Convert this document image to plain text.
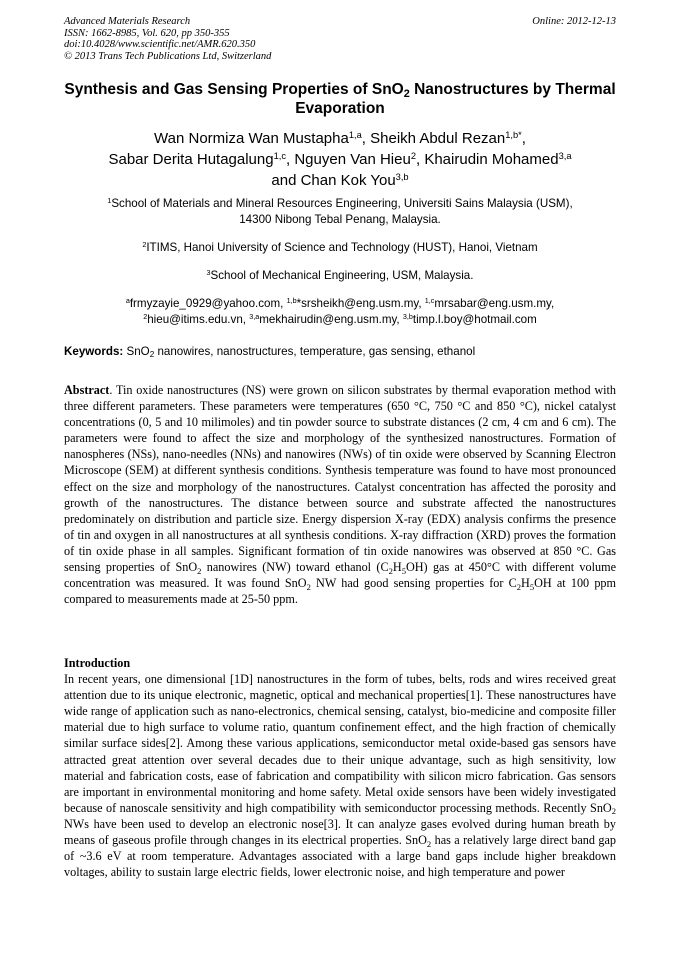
Advanced Materials Research
ISSN: 1662-8985, Vol. 620, pp 350-355
doi:10.4028/www.scientific.net/AMR.620.350
© 2013 Trans Tech Publications Ltd, Switzerland
Online: 2012-12-13
Synthesis and Gas Sensing Properties of SnO$_2$ Nanostructures by Thermal Evaporation
Wan Normiza Wan Mustapha$^{1,a}$, Sheikh Abdul Rezan$^{1,b*}$,
Sabar Derita Hutagalung$^{1,c}$, Nguyen Van Hieu$^2$, Khairudin Mohamed$^{3,a}$
and Chan Kok You$^{3,b}$
$^1$School of Materials and Mineral Resources Engineering, Universiti Sains Malaysia (USM),
14300 Nibong Tebal Penang, Malaysia.
$^2$ITIMS, Hanoi University of Science and Technology (HUST), Hanoi, Vietnam
$^3$School of Mechanical Engineering, USM, Malaysia.
$^a$frmyzayie_0929@yahoo.com, $^{1,b}$*srsheikh@eng.usm.my, $^{1,c}$mrsabar@eng.usm.my,
$^2$hieu@itims.edu.vn, $^{3,a}$mekhairudin@eng.usm.my, $^{3,b}$timp.l.boy@hotmail.com
Keywords: SnO$_2$ nanowires, nanostructures, temperature, gas sensing, ethanol

Abstract. Tin oxide nanostructures (NS) were grown on silicon substrates by thermal evaporation method with three different parameters. These parameters were temperatures (650 °C, 750 °C and 850 °C), nickel catalyst concentrations (0, 5 and 10 milimoles) and tin powder source to substrate distances (2 cm, 4 cm and 6 cm). The parameters were found to affect the size and morphology of the synthesized nanostructures. Formation of nanospheres (NSs), nano-needles (NNs) and nanowires (NWs) of tin oxide were observed by Scanning Electron Microscope (SEM) at different synthesis conditions. Synthesis temperature was found to have most pronounced effect on the size and morphology of the nanostructures. Catalyst concentration has affected the porosity and growth of the nanostructures. The distance between source and substrate affected the nanostructures predominately on distribution and particle size. Energy dispersion X-ray (EDX) analysis confirms the presence of tin and oxygen in all nanostructures at all synthesis conditions. X-ray diffraction (XRD) proves the formation of tin oxide phase in all samples. Significant formation of tin oxide nanowires was observed at 850 °C. Gas sensing properties of SnO$_2$ nanowires (NW) toward ethanol $(C_2H_5OH)$ gas at 450°C with different volume concentration was measured. It was found SnO$_2$ NW had good sensing properties for $C_2H_5OH$ at 100 ppm compared to measurements made at 25-50 ppm.

Introduction

In recent years, one dimensional [1D] nanostructures in the form of tubes, belts, rods and wires received great attention due to its unique electronic, magnetic, optical and mechanical properties[1]. These nanostructures have wide range of application such as nano-electronics, chemical sensing, catalyst, bio-medicine and composite filler material due to high surface to volume ratio, quantum confinement effect, and the high fraction of chemically similar surface sides[2]. Among these various applications, semiconductor metal oxide-based gas sensors have attracted great attention over several decades due to their unique advantage, such as high sensitivity, low material and fabrication costs, ease of fabrication and compatibility with silicon micro fabrication. Gas sensors are important in environmental monitoring and home safety. Metal oxide sensors have been widely investigated because of nanoscale sensitivity and high compatibility with semiconductor processing methods. Recently SnO$_2$ NWs have been used to develop an electronic nose[3]. It can analyze gases evolved during human breath by means of gaseous profile through changes in its electrical properties. SnO$_2$ has a relatively large direct band gap of ~3.6 eV at room temperature. Advantages associated with a large band gaps include higher breakdown voltages, ability to sustain large electric fields, lower electronic noise, and high temperature and power
